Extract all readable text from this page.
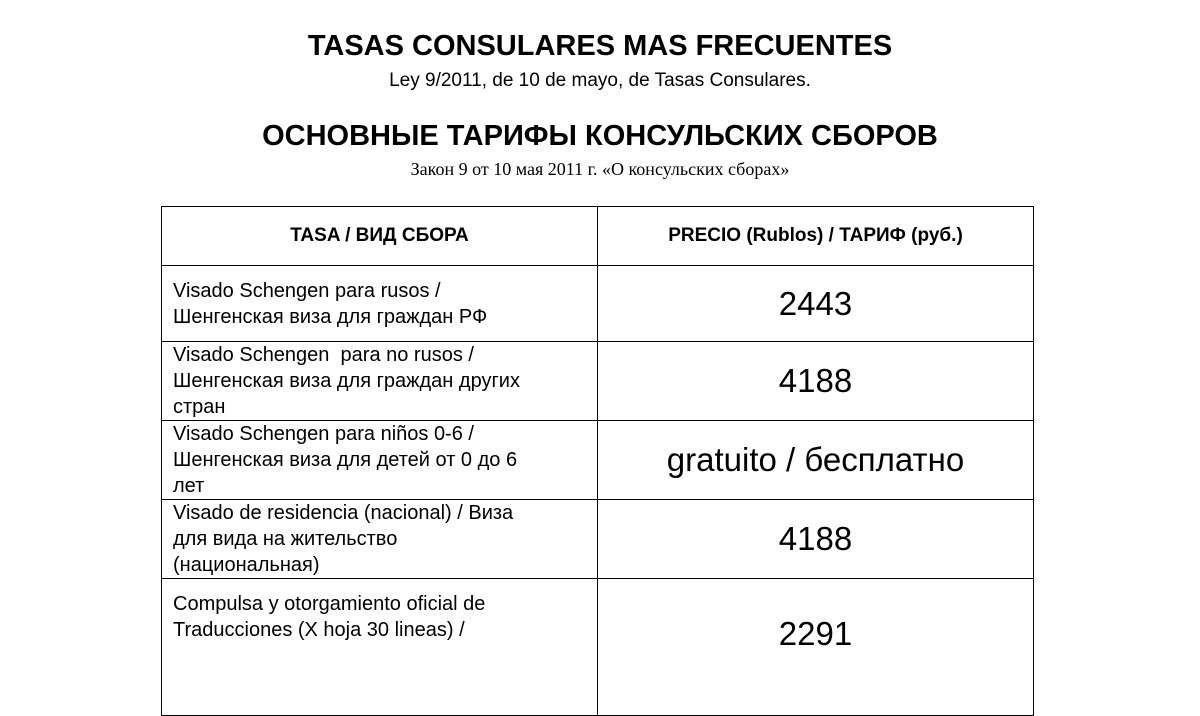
TASAS CONSULARES MAS FRECUENTES
Ley 9/2011, de 10 de mayo, de Tasas Consulares.
ОСНОВНЫЕ ТАРИФЫ КОНСУЛЬСКИХ СБОРОВ
Закон 9 от 10 мая 2011 г. «О консульских сборах»
TASA / ВИД СБОРА	PRECIO (Rublos) / ТАРИФ (руб.)

Visado Schengen para rusos /
Шенгенская виза для граждан РФ	2443

Visado Schengen  para no rusos /
Шенгенская виза для граждан других
стран	4188

Visado Schengen para niños 0-6 /
Шенгенская виза для детей от 0 до 6
лет	gratuito / бесплатно

Visado de residencia (nacional) / Виза
для вида на жительство
(национальная)	4188

Compulsa y otorgamiento oficial de
Traducciones (X hoja 30 lineas) /	2291
